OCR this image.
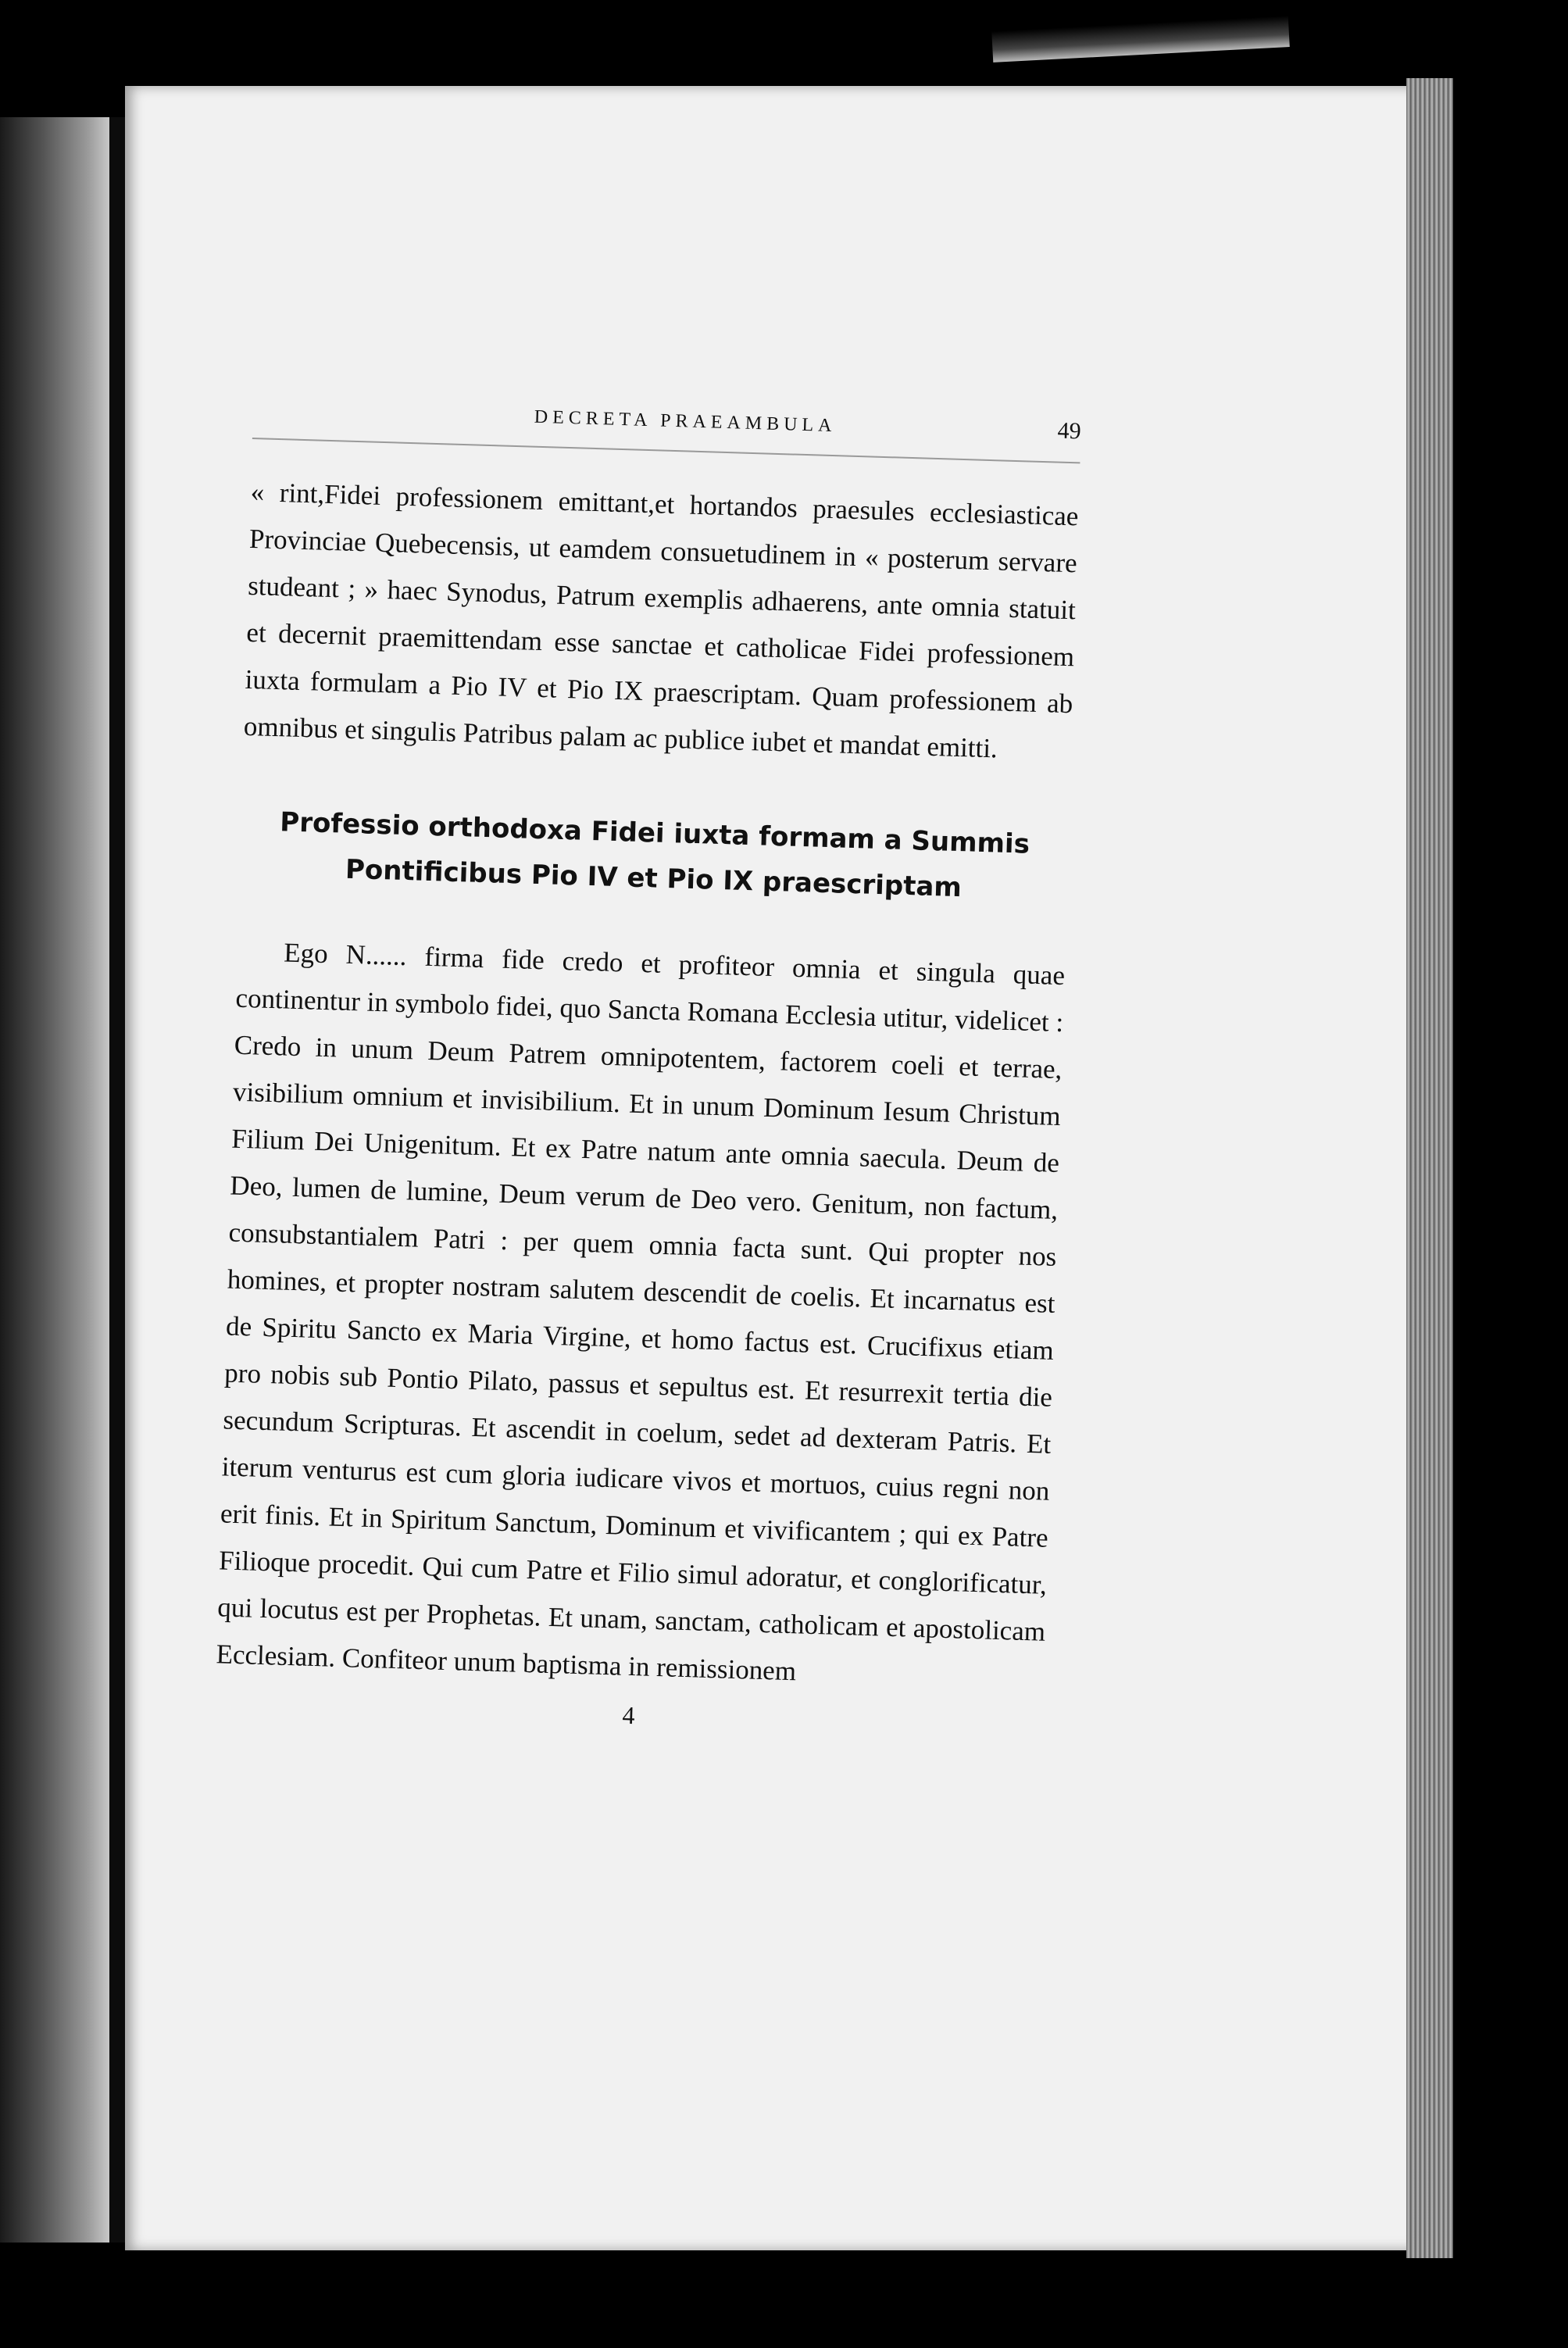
DECRETA PRAEAMBULA	49

« rint,Fidei professionem emittant,et hortandos praesules ecclesiasticae Provinciae Quebecensis, ut eamdem consuetudinem in « posterum servare studeant ; » haec Synodus, Patrum exemplis adhaerens, ante omnia statuit et decernit praemittendam esse sanctae et catholicae Fidei professionem iuxta formulam a Pio IV et Pio IX praescriptam. Quam professionem ab omnibus et singulis Patribus palam ac publice iubet et mandat emitti.

Professio orthodoxa Fidei iuxta formam a Summis
Pontificibus Pio IV et Pio IX praescriptam

Ego N...... firma fide credo et profiteor omnia et singula quae continentur in symbolo fidei, quo Sancta Romana Ecclesia utitur, videlicet : Credo in unum Deum Patrem omnipotentem, factorem coeli et terrae, visibilium omnium et invisibilium. Et in unum Dominum Iesum Christum Filium Dei Unigenitum. Et ex Patre natum ante omnia saecula. Deum de Deo, lumen de lumine, Deum verum de Deo vero. Genitum, non factum, consubstantialem Patri : per quem omnia facta sunt. Qui propter nos homines, et propter nostram salutem descendit de coelis. Et incarnatus est de Spiritu Sancto ex Maria Virgine, et homo factus est. Crucifixus etiam pro nobis sub Pontio Pilato, passus et sepultus est. Et resurrexit tertia die secundum Scripturas. Et ascendit in coelum, sedet ad dexteram Patris. Et iterum venturus est cum gloria iudicare vivos et mortuos, cuius regni non erit finis. Et in Spiritum Sanctum, Dominum et vivificantem ; qui ex Patre Filioque procedit. Qui cum Patre et Filio simul adoratur, et conglorificatur, qui locutus est per Prophetas. Et unam, sanctam, catholicam et apostolicam Ecclesiam. Confiteor unum baptisma in remissionem

4
